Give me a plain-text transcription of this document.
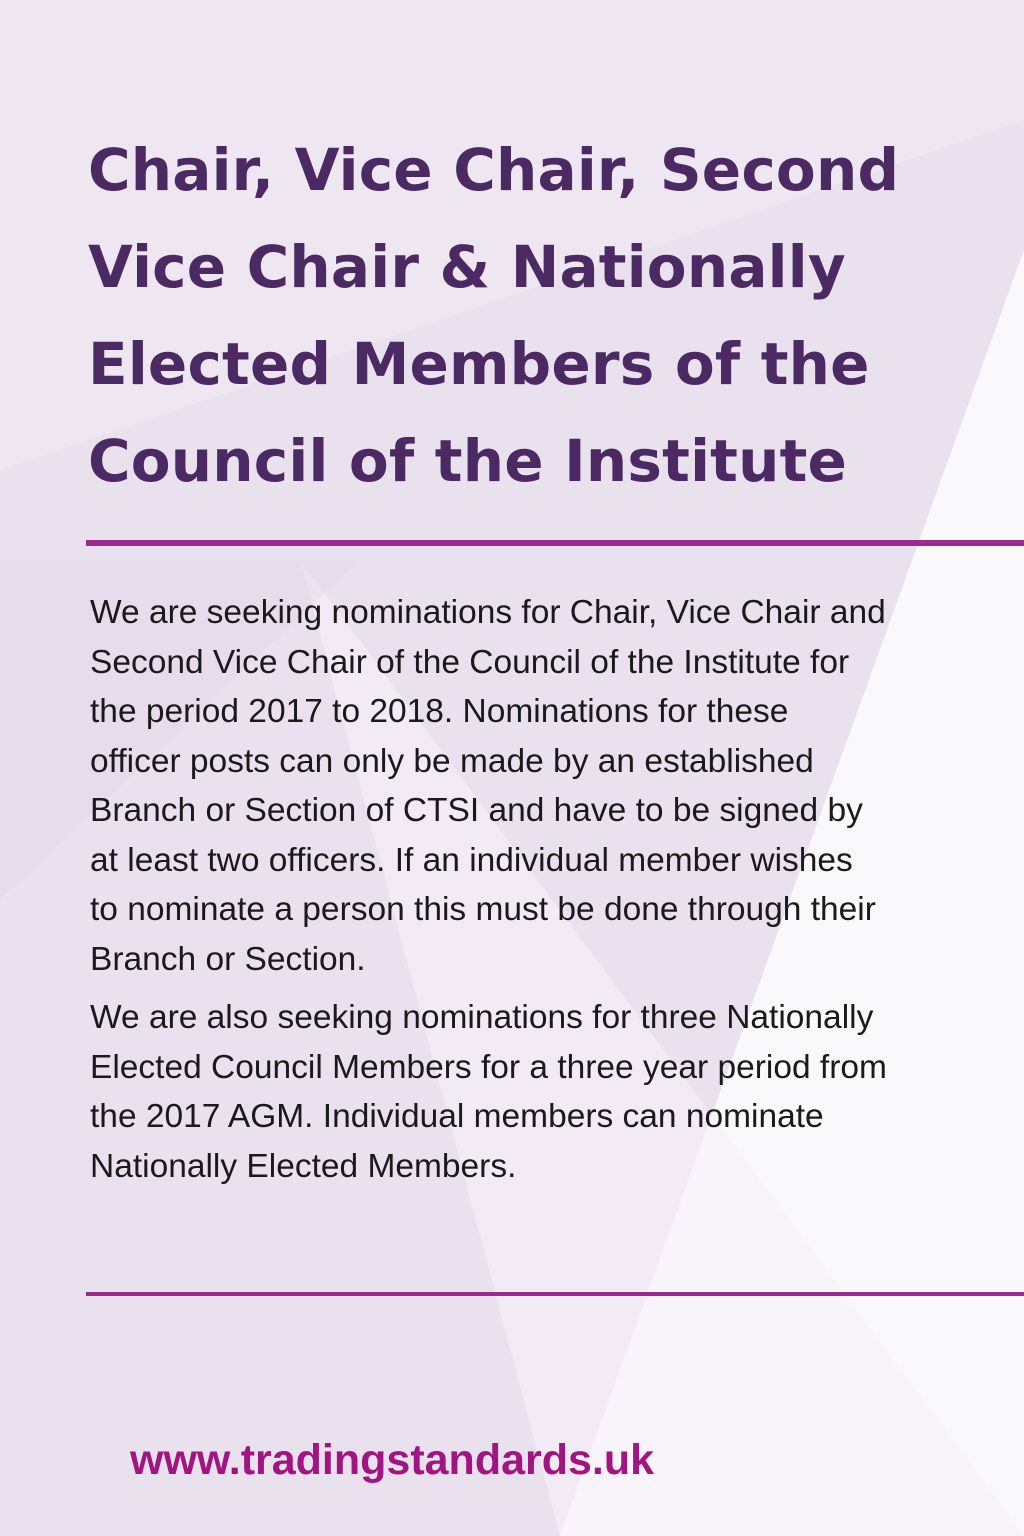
Chair, Vice Chair, Second Vice Chair & Nationally Elected Members of the Council of the Institute

We are seeking nominations for Chair, Vice Chair and
Second Vice Chair of the Council of the Institute for
the period 2017 to 2018. Nominations for these
officer posts can only be made by an established
Branch or Section of CTSI and have to be signed by
at least two officers. If an individual member wishes
to nominate a person this must be done through their
Branch or Section.

We are also seeking nominations for three Nationally
Elected Council Members for a three year period from
the 2017 AGM. Individual members can nominate
Nationally Elected Members.

www.tradingstandards.uk
